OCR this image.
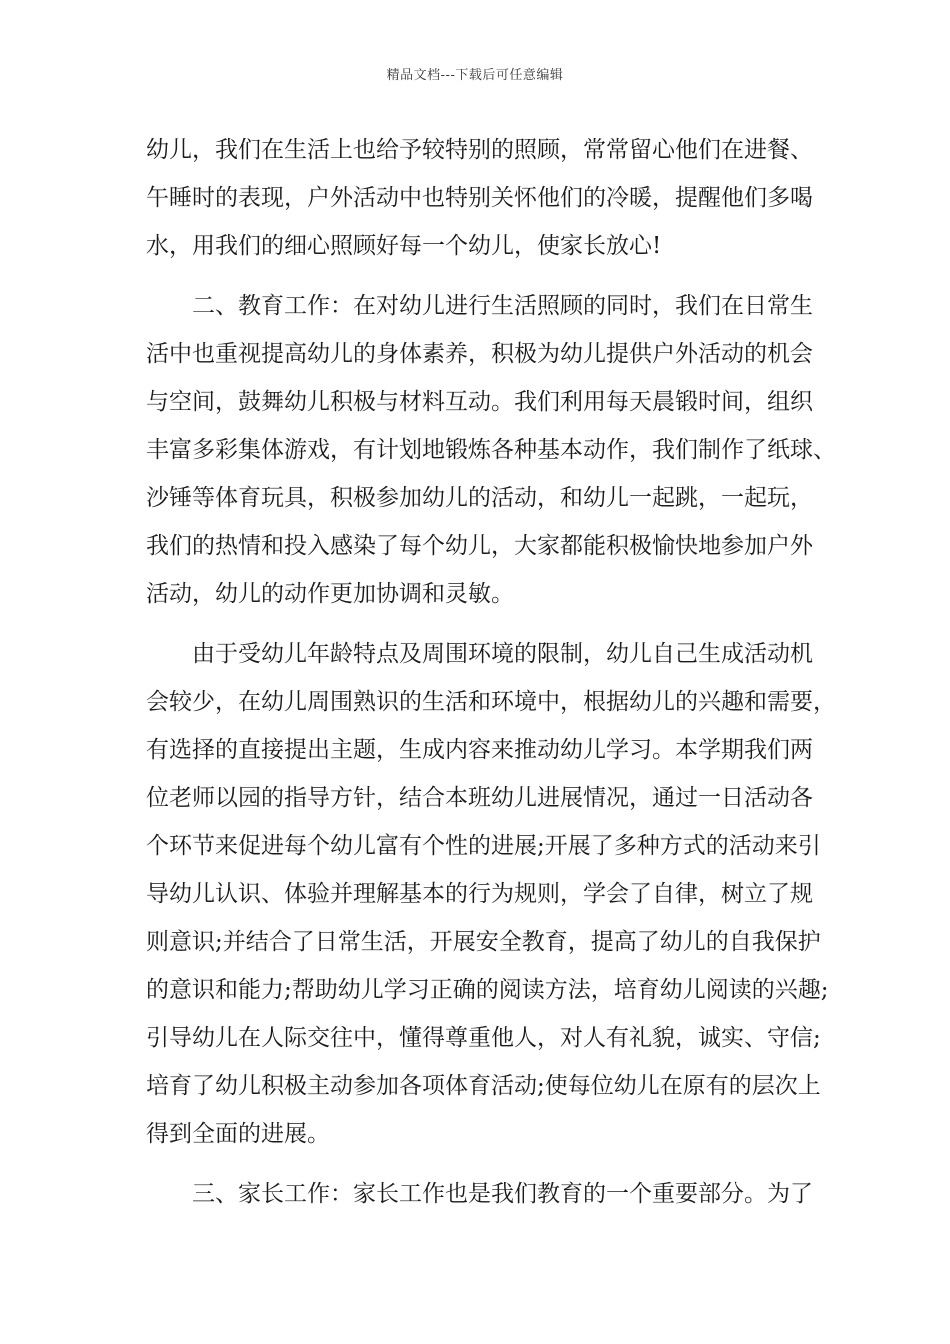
精品文档---下载后可任意编辑
幼儿，我们在生活上也给予较特别的照顾，常常留心他们在进餐、
午睡时的表现，户外活动中也特别关怀他们的冷暖，提醒他们多喝
水，用我们的细心照顾好每一个幼儿，使家长放心!
二、教育工作：在对幼儿进行生活照顾的同时，我们在日常生
活中也重视提高幼儿的身体素养，积极为幼儿提供户外活动的机会
与空间，鼓舞幼儿积极与材料互动。我们利用每天晨锻时间，组织
丰富多彩集体游戏，有计划地锻炼各种基本动作，我们制作了纸球、
沙锤等体育玩具，积极参加幼儿的活动，和幼儿一起跳，一起玩，
我们的热情和投入感染了每个幼儿，大家都能积极愉快地参加户外
活动，幼儿的动作更加协调和灵敏。
由于受幼儿年龄特点及周围环境的限制，幼儿自己生成活动机
会较少，在幼儿周围熟识的生活和环境中，根据幼儿的兴趣和需要，
有选择的直接提出主题，生成内容来推动幼儿学习。本学期我们两
位老师以园的指导方针，结合本班幼儿进展情况，通过一日活动各
个环节来促进每个幼儿富有个性的进展;开展了多种方式的活动来引
导幼儿认识、体验并理解基本的行为规则，学会了自律，树立了规
则意识;并结合了日常生活，开展安全教育，提高了幼儿的自我保护
的意识和能力;帮助幼儿学习正确的阅读方法，培育幼儿阅读的兴趣;
引导幼儿在人际交往中，懂得尊重他人，对人有礼貌，诚实、守信;
培育了幼儿积极主动参加各项体育活动;使每位幼儿在原有的层次上
得到全面的进展。
三、家长工作：家长工作也是我们教育的一个重要部分。为了
